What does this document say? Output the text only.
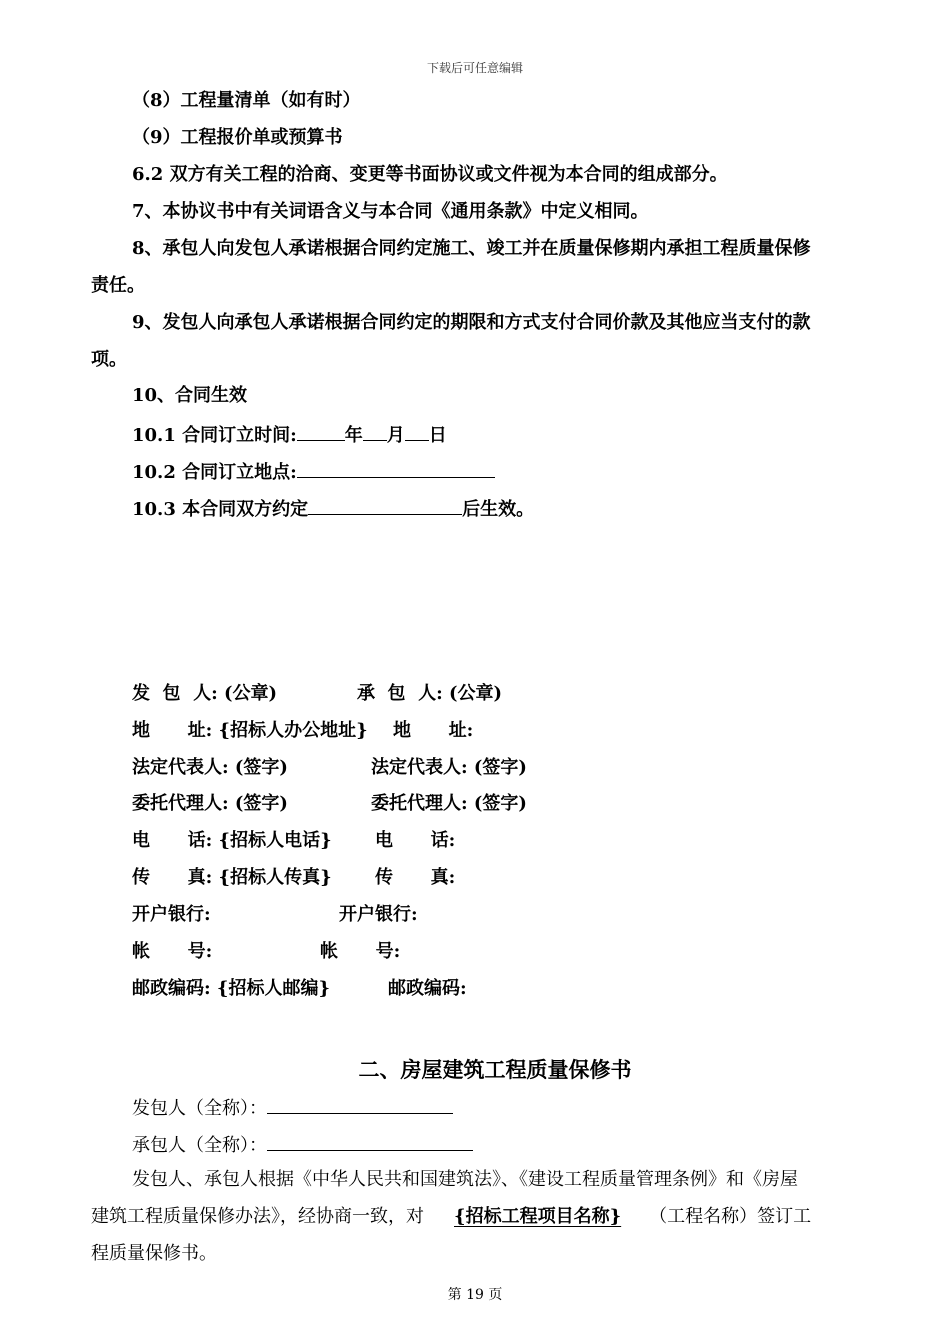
下载后可任意编辑
（8）工程量清单（如有时）
（9）工程报价单或预算书
6.2 双方有关工程的洽商、变更等书面协议或文件视为本合同的组成部分。
7、本协议书中有关词语含义与本合同《通用条款》中定义相同。
8、承包人向发包人承诺根据合同约定施工、竣工并在质量保修期内承担工程质量保修
责任。
9、发包人向承包人承诺根据合同约定的期限和方式支付合同价款及其他应当支付的款
项。
10、合同生效
10.1 合同订立时间:	年 月 日
10.2 合同订立地点:
10.3 本合同双方约定	后生效。
发  包  人: (公章)	承  包  人: (公章)
地      址: {招标人办公地址} 地      址:
法定代表人: (签字)	法定代表人: (签字)
委托代理人: (签字)	委托代理人: (签字)
电      话: {招标人电话} 电      话:
传      真: {招标人传真} 传      真:
开户银行:	开户银行:
帐      号:	帐      号:
邮政编码: {招标人邮编}	邮政编码:
二、房屋建筑工程质量保修书
发包人（全称）：
承包人（全称）：
发包人、承包人根据《中华人民共和国建筑法》、《建设工程质量管理条例》和《房屋
建筑工程质量保修办法》，经协商一致，对 {招标工程项目名称} （工程名称）签订工
程质量保修书。
第 19 页
